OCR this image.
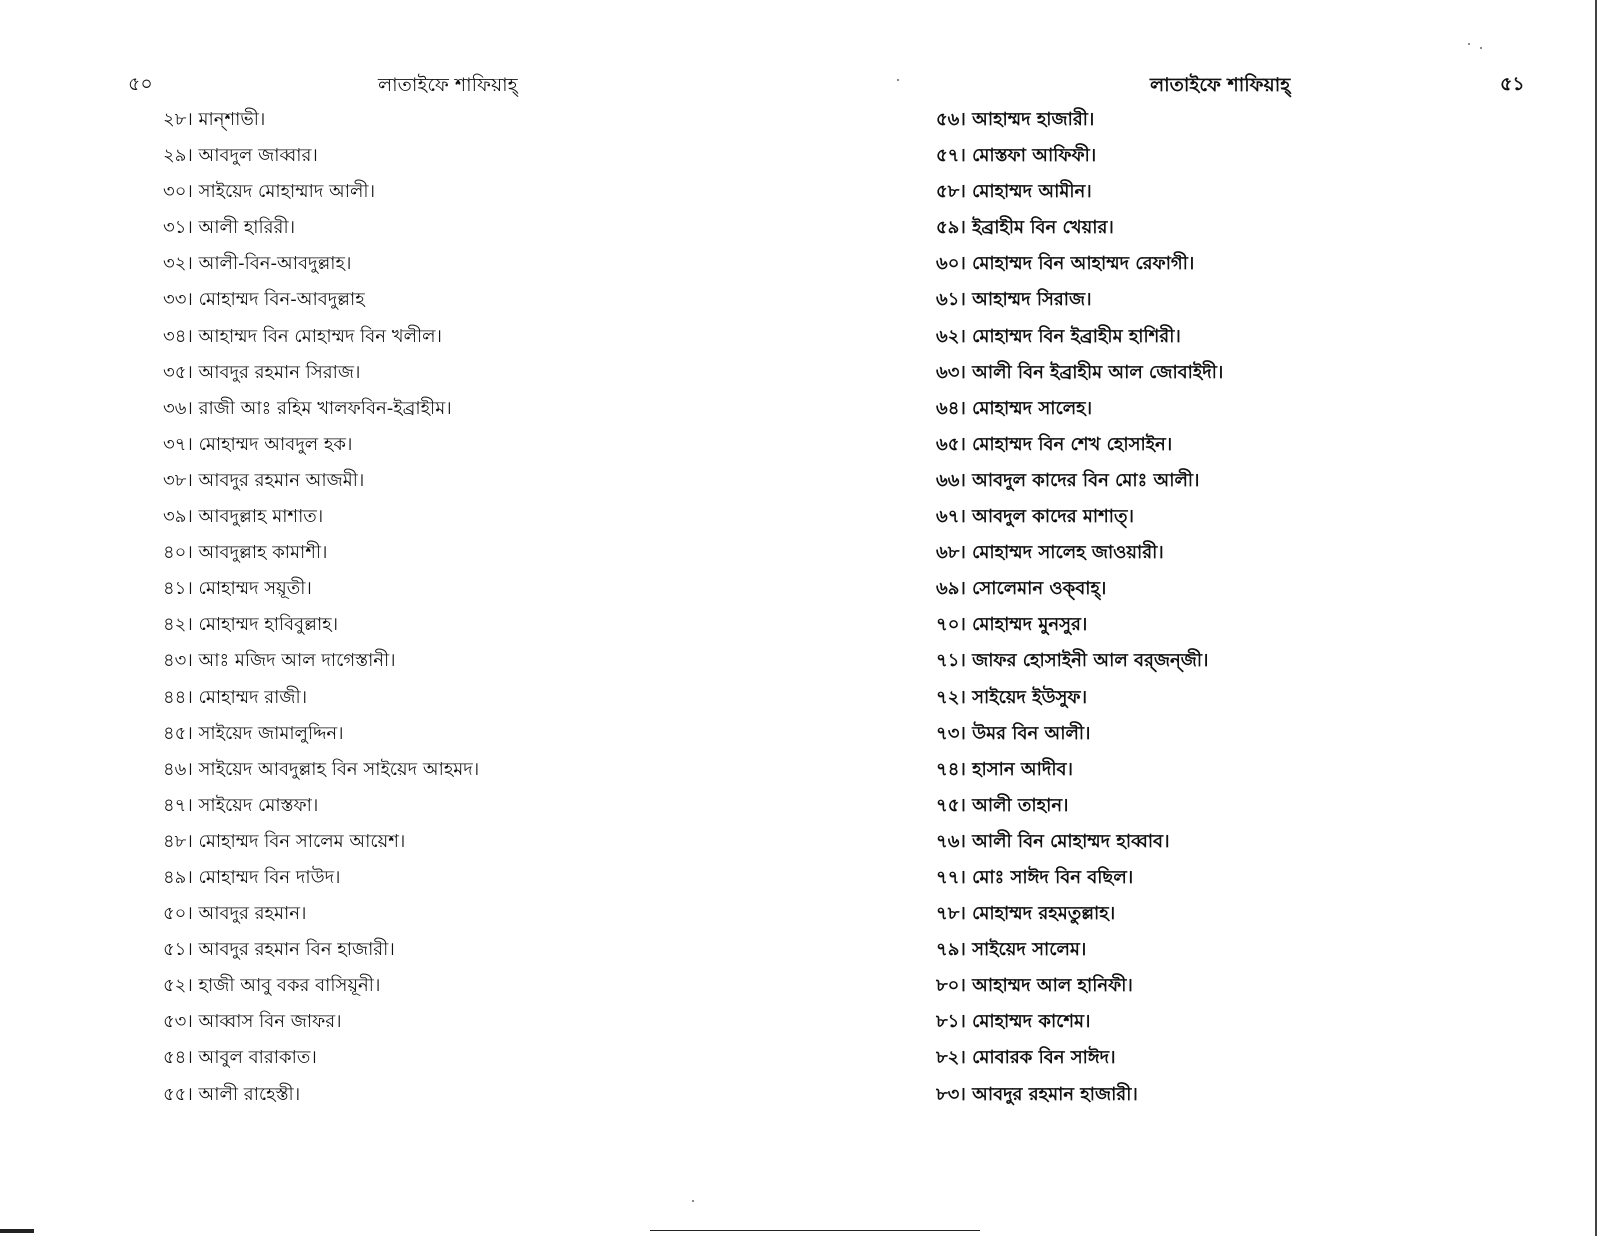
৫০	লাতাইফে শাফিয়াহ্
২৮। মান্‌শাভী।
২৯। আবদুল জাব্বার।
৩০। সাইয়েদ মোহাম্মাদ আলী।
৩১। আলী হারিরী।
৩২। আলী-বিন-আবদুল্লাহ।
৩৩। মোহাম্মদ বিন-আবদুল্লাহ
৩৪। আহাম্মদ বিন মোহাম্মদ বিন খলীল।
৩৫। আবদুর রহমান সিরাজ।
৩৬। রাজী আঃ রহিম খালফবিন-ইব্রাহীম।
৩৭। মোহাম্মদ আবদুল হক।
৩৮। আবদুর রহমান আজমী।
৩৯। আবদুল্লাহ মাশাত।
৪০। আবদুল্লাহ কামাশী।
৪১। মোহাম্মদ সয়ূতী।
৪২। মোহাম্মদ হাবিবুল্লাহ।
৪৩। আঃ মজিদ আল দাগেস্তানী।
৪৪। মোহাম্মদ রাজী।
৪৫। সাইয়েদ জামালুদ্দিন।
৪৬। সাইয়েদ আবদুল্লাহ বিন সাইয়েদ আহমদ।
৪৭। সাইয়েদ মোস্তফা।
৪৮। মোহাম্মদ বিন সালেম আয়েশ।
৪৯। মোহাম্মদ বিন দাউদ।
৫০। আবদুর রহমান।
৫১। আবদুর রহমান বিন হাজারী।
৫২। হাজী আবু বকর বাসিয়ূনী।
৫৩। আব্বাস বিন জাফর।
৫৪। আবুল বারাকাত।
৫৫। আলী রাহেস্তী।
লাতাইফে শাফিয়াহ্	৫১
৫৬। আহাম্মদ হাজারী।
৫৭। মোস্তফা আফিফী।
৫৮। মোহাম্মদ আমীন।
৫৯। ইব্রাহীম বিন খেয়ার।
৬০। মোহাম্মদ বিন আহাম্মদ রেফাগী।
৬১। আহাম্মদ সিরাজ।
৬২। মোহাম্মদ বিন ইব্রাহীম হাশিরী।
৬৩। আলী বিন ইব্রাহীম আল জোবাইদী।
৬৪। মোহাম্মদ সালেহ।
৬৫। মোহাম্মদ বিন শেখ হোসাইন।
৬৬। আবদুল কাদের বিন মোঃ আলী।
৬৭। আবদুল কাদের মাশাত্।
৬৮। মোহাম্মদ সালেহ জাওয়ারী।
৬৯। সোলেমান ওক্‌বাহ্।
৭০। মোহাম্মদ মুনসুর।
৭১। জাফর হোসাইনী আল বর্‌জন্‌জী।
৭২। সাইয়েদ ইউসুফ।
৭৩। উমর বিন আলী।
৭৪। হাসান আদীব।
৭৫। আলী তাহান।
৭৬। আলী বিন মোহাম্মদ হাব্বাব।
৭৭। মোঃ সাঈদ বিন বছিল।
৭৮। মোহাম্মদ রহমতুল্লাহ।
৭৯। সাইয়েদ সালেম।
৮০। আহাম্মদ আল হানিফী।
৮১। মোহাম্মদ কাশেম।
৮২। মোবারক বিন সাঈদ।
৮৩। আবদুর রহমান হাজারী।
